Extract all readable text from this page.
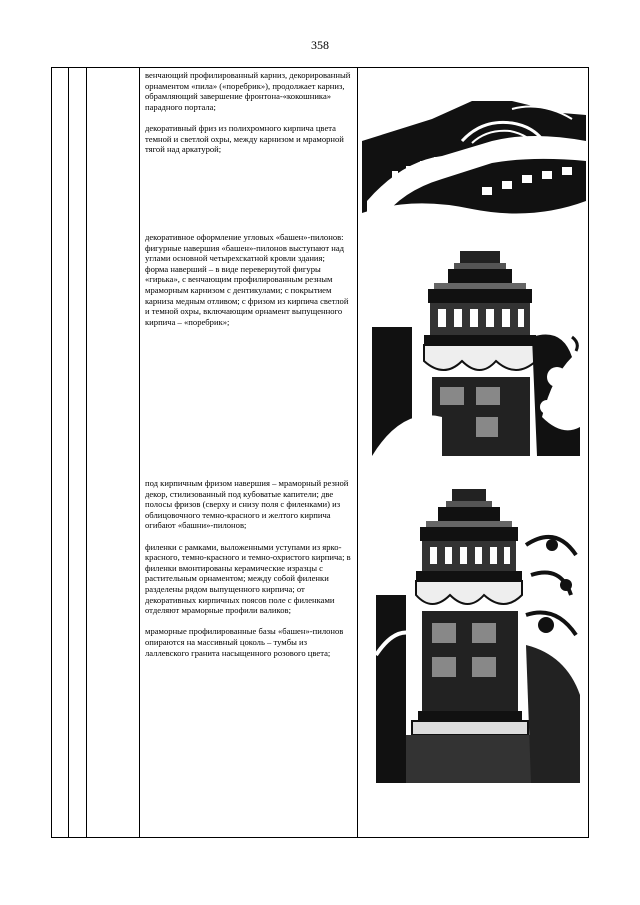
358

венчающий профилированный карниз, декорированный орнаментом «пила» («поребрик»), продолжает карниз, обрамляющий завершение фронтона-«кокошника» парадного портала;

декоративный фриз из полихромного кирпича цвета темной и светлой охры, между карнизом и мраморной тягой над аркатурой;

декоративное оформление угловых «башен»-пилонов:

фигурные навершия «башен»-пилонов выступают над углами основной четырехскатной кровли здания;

форма наверший – в виде перевернутой фигуры «гирька», с венчающим профилированным резным мраморным карнизом с дентикулами; с покрытием карниза медным отливом; с фризом из кирпича светлой и темной охры, включающим орнамент выпущенного кирпича – «поребрик»;

под кирпичным фризом навершия – мраморный резной декор, стилизованный под кубоватые капители; две полосы фризов (сверху и снизу поля с филенками) из облицовочного темно-красного и желтого кирпича огибают «башни»-пилонов;

филенки с рамками, выложенными уступами из ярко-красного, темно-красного и темно-охристого кирпича; в филенки вмонтированы керамические изразцы с растительным орнаментом; между собой филенки разделены рядом выпущенного кирпича; от декоративных кирпичных поясов поле с филенками отделяют мраморные профили валиков;

мраморные профилированные базы «башен»-пилонов опираются на массивный цоколь – тумбы из лаллевского гранита насыщенного розового цвета;
